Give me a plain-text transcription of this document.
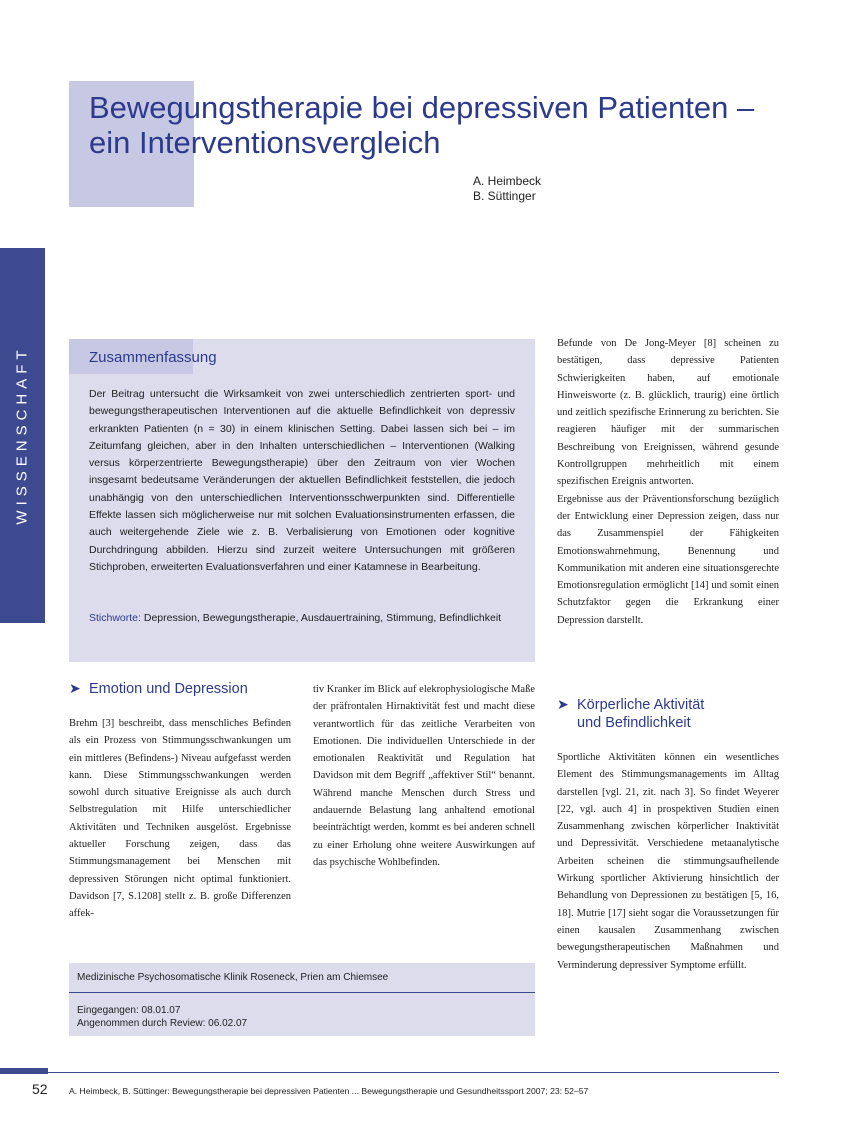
Bewegungstherapie bei depressiven Patienten –
ein Interventionsvergleich
A. Heimbeck
B. Süttinger
WISSENSCHAFT	Zusammenfassung

Der Beitrag untersucht die Wirksamkeit von zwei unterschiedlich zentrierten sport- und bewegungstherapeutischen Interventionen auf die aktuelle Befindlichkeit von depressiv erkrankten Patienten (n = 30) in einem klinischen Setting. Dabei lassen sich bei – im Zeitumfang gleichen, aber in den Inhalten unterschiedlichen – Interventionen (Walking versus körperzentrierte Bewegungstherapie) über den Zeitraum von vier Wochen insgesamt bedeutsame Veränderungen der aktuellen Befindlichkeit feststellen, die jedoch unabhängig von den unterschiedlichen Interventionsschwerpunkten sind. Differentielle Effekte lassen sich möglicherweise nur mit solchen Evaluationsinstrumenten erfassen, die auch weitergehende Ziele wie z. B. Verbalisierung von Emotionen oder kognitive Durchdringung abbilden. Hierzu sind zurzeit weitere Untersuchungen mit größeren Stichproben, erweiterten Evaluationsverfahren und einer Katamnese in Bearbeitung.

Stichworte: Depression, Bewegungstherapie, Ausdauertraining, Stimmung, Befindlichkeit

➤ Emotion und Depression

Brehm [3] beschreibt, dass menschliches Befinden als ein Prozess von Stimmungsschwankungen um ein mittleres (Befindens-) Niveau aufgefasst werden kann. Diese Stimmungsschwankungen werden sowohl durch situative Ereignisse als auch durch Selbstregulation mit Hilfe unterschiedlicher Aktivitäten und Techniken ausgelöst. Ergebnisse aktueller Forschung zeigen, dass das Stimmungsmanagement bei Menschen mit depressiven Störungen nicht optimal funktioniert. Davidson [7, S.1208] stellt z. B. große Differenzen affek-

tiv Kranker im Blick auf elekrophysiologische Maße der präfrontalen Hirnaktivität fest und macht diese verantwortlich für das zeitliche Verarbeiten von Emotionen. Die individuellen Unterschiede in der emotionalen Reaktivität und Regulation hat Davidson mit dem Begriff „affektiver Stil“ benannt. Während manche Menschen durch Stress und andauernde Belastung lang anhaltend emotional beeinträchtigt werden, kommt es bei anderen schnell zu einer Erholung ohne weitere Auswirkungen auf das psychische Wohlbefinden.

Befunde von De Jong-Meyer [8] scheinen zu bestätigen, dass depressive Patienten Schwierigkeiten haben, auf emotionale Hinweisworte (z. B. glücklich, traurig) eine örtlich und zeitlich spezifische Erinnerung zu berichten. Sie reagieren häufiger mit der summarischen Beschreibung von Ereignissen, während gesunde Kontrollgruppen mehrheitlich mit einem spezifischen Ereignis antworten.

Ergebnisse aus der Präventionsforschung bezüglich der Entwicklung einer Depression zeigen, dass nur das Zusammenspiel der Fähigkeiten Emotionswahrnehmung, Benennung und Kommunikation mit anderen eine situationsgerechte Emotionsregulation ermöglicht [14] und somit einen Schutzfaktor gegen die Erkrankung einer Depression darstellt.

➤ Körperliche Aktivität
und Befindlichkeit

Sportliche Aktivitäten können ein wesentliches Element des Stimmungsmanagements im Alltag darstellen [vgl. 21, zit. nach 3]. So findet Weyerer [22, vgl. auch 4] in prospektiven Studien einen Zusammenhang zwischen körperlicher Inaktivität und Depressivität. Verschiedene metaanalytische Arbeiten scheinen die stimmungsaufhellende Wirkung sportlicher Aktivierung hinsichtlich der Behandlung von Depressionen zu bestätigen [5, 16, 18]. Mutrie [17] sieht sogar die Voraussetzungen für einen kausalen Zusammenhang zwischen bewegungstherapeutischen Maßnahmen und Verminderung depressiver Symptome erfüllt.

Medizinische Psychosomatische Klinik Roseneck, Prien am Chiemsee
Eingegangen: 08.01.07
Angenommen durch Review: 06.02.07
52 A. Heimbeck, B. Süttinger: Bewegungstherapie bei depressiven Patienten ... Bewegungstherapie und Gesundheitssport 2007; 23: 52–57
